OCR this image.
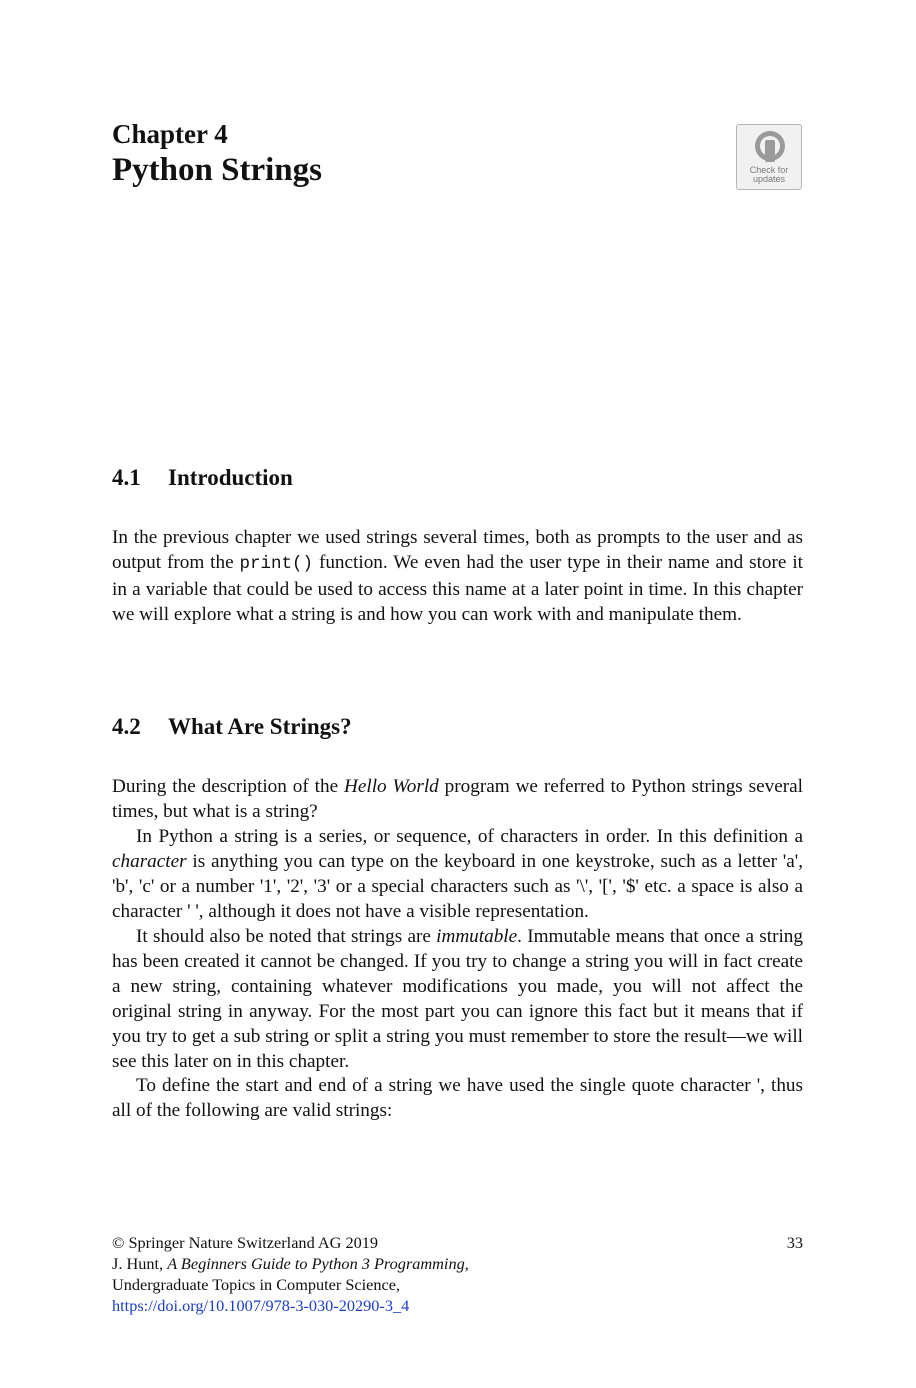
Chapter 4
Python Strings	Check for updates
4.1 Introduction

In the previous chapter we used strings several times, both as prompts to the user and as output from the print() function. We even had the user type in their name and store it in a variable that could be used to access this name at a later point in time. In this chapter we will explore what a string is and how you can work with and manipulate them.

4.2 What Are Strings?

During the description of the Hello World program we referred to Python strings several times, but what is a string?

In Python a string is a series, or sequence, of characters in order. In this definition a character is anything you can type on the keyboard in one keystroke, such as a letter 'a', 'b', 'c' or a number '1', '2', '3' or a special characters such as '\', '[', '$' etc. a space is also a character ' ', although it does not have a visible representation.

It should also be noted that strings are immutable. Immutable means that once a string has been created it cannot be changed. If you try to change a string you will in fact create a new string, containing whatever modifications you made, you will not affect the original string in anyway. For the most part you can ignore this fact but it means that if you try to get a sub string or split a string you must remember to store the result—we will see this later on in this chapter.

To define the start and end of a string we have used the single quote character ', thus all of the following are valid strings:

© Springer Nature Switzerland AG 2019
J. Hunt, A Beginners Guide to Python 3 Programming,
Undergraduate Topics in Computer Science,
https://doi.org/10.1007/978-3-030-20290-3_4
33
